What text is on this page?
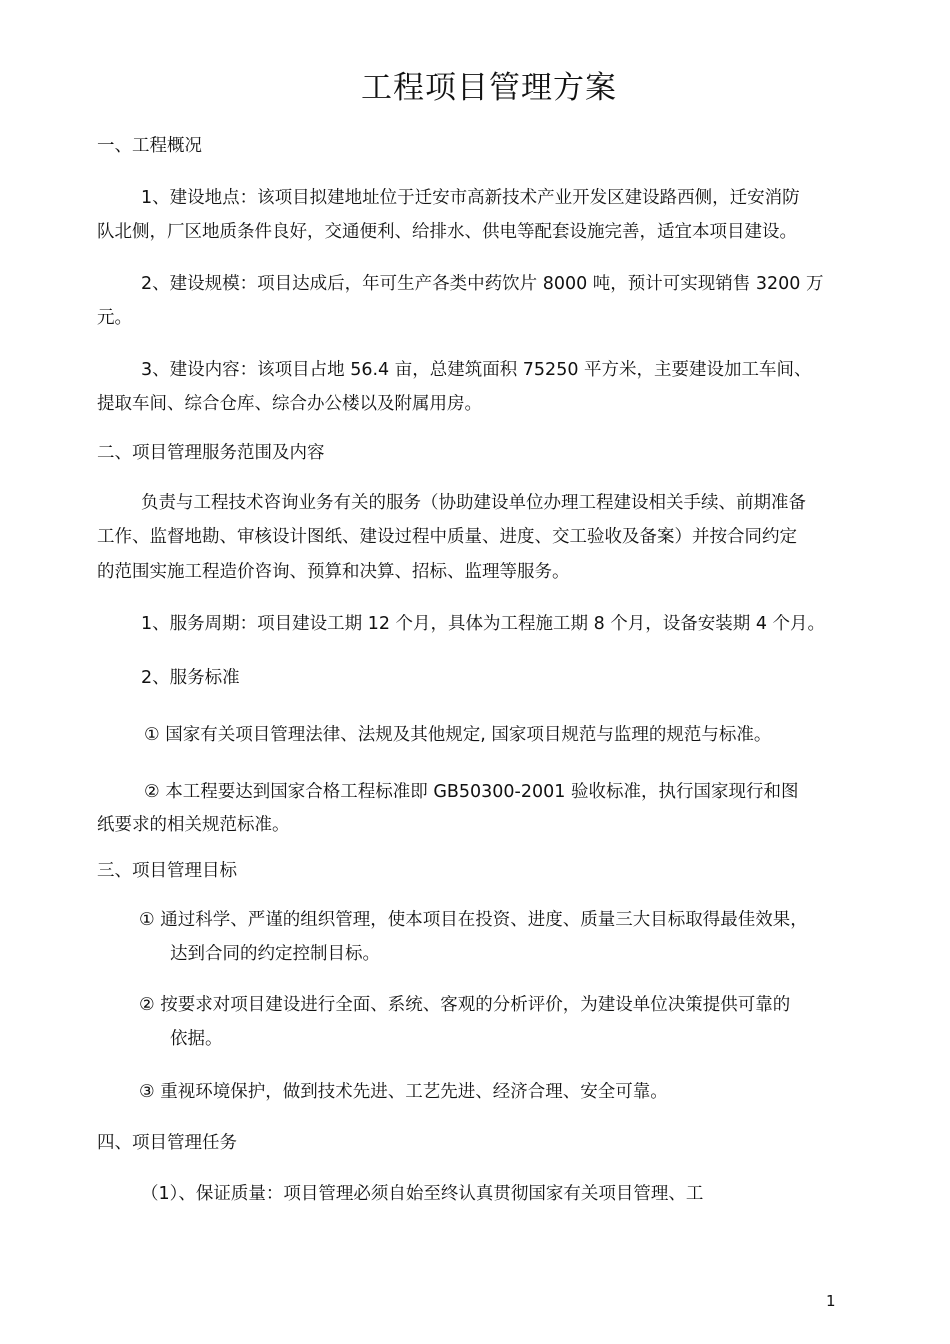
工程项目管理方案
一、工程概况
1、建设地点：该项目拟建地址位于迁安市高新技术产业开发区建设路西侧，迁安消防
队北侧，厂区地质条件良好，交通便利、给排水、供电等配套设施完善，适宜本项目建设。
2、建设规模：项目达成后，年可生产各类中药饮片 8000 吨，预计可实现销售 3200 万
元。
3、建设内容：该项目占地 56.4 亩，总建筑面积 75250 平方米，主要建设加工车间、
提取车间、综合仓库、综合办公楼以及附属用房。
二、项目管理服务范围及内容
负责与工程技术咨询业务有关的服务（协助建设单位办理工程建设相关手续、前期准备
工作、监督地勘、审核设计图纸、建设过程中质量、进度、交工验收及备案）并按合同约定
的范围实施工程造价咨询、预算和决算、招标、监理等服务。
1、服务周期：项目建设工期 12 个月，具体为工程施工期 8 个月，设备安装期 4 个月。
2、服务标准
① 国家有关项目管理法律、法规及其他规定, 国家项目规范与监理的规范与标准。
② 本工程要达到国家合格工程标准即 GB50300-2001 验收标准，执行国家现行和图
纸要求的相关规范标准。
三、项目管理目标
① 通过科学、严谨的组织管理，使本项目在投资、进度、质量三大目标取得最佳效果，
达到合同的约定控制目标。
② 按要求对项目建设进行全面、系统、客观的分析评价，为建设单位决策提供可靠的
依据。
③ 重视环境保护，做到技术先进、工艺先进、经济合理、安全可靠。
四、项目管理任务
（1）、保证质量：项目管理必须自始至终认真贯彻国家有关项目管理、工
1
